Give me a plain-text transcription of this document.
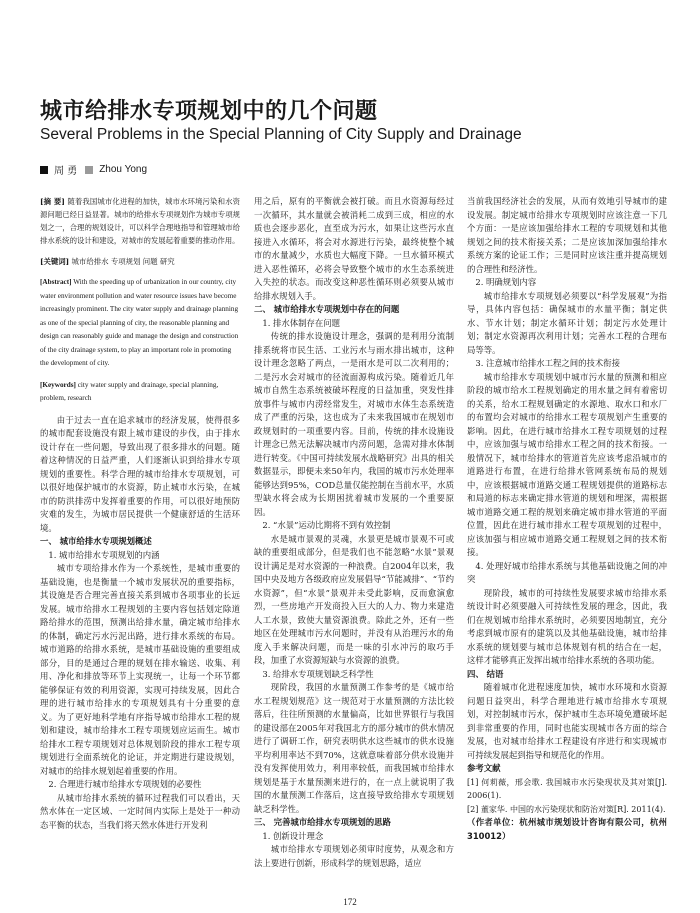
城市给排水专项规划中的几个问题
Several Problems in the Special Planning of City Supply and Drainage
周 勇 Zhou Yong

[摘 要] 随着我国城市化进程的加快，城市水环境污染和水资源问题已经日益显著。城市的给排水专项规划作为城市专项规划之一，合理的规划设计，可以科学合理地指导和管理城市给排水系统的设计和建设，对城市的发展起着重要的推动作用。

[关键词] 城市给排水 专项规划 问题 研究

[Abstract] With the speeding up of urbanization in our country, city water environment pollution and water resource issues have become increasingly prominent. The city water supply and drainage planning as one of the special planning of city, the reasonable planning and design can reasonably guide and manage the design and construction of the city drainage system, to play an important role in promoting the development of city.

[Keywords] city water supply and drainage, special planning, problem, research

由于过去一直在追求城市的经济发展，使得很多的城市配套设施没有跟上城市建设的步伐，由于排水设计存在一些问题，导致出现了很多排水的问题。随着这种情况的日益严重，人们逐渐认识到给排水专项规划的重要性。科学合理的城市给排水专项规划，可以很好地保护城市的水资源，防止城市水污染，在城市的防洪排涝中发挥着重要的作用，可以很好地预防灾难的发生，为城市居民提供一个健康舒适的生活环境。

一、 城市给排水专项规划概述

1. 城市给排水专项规划的内涵

城市专项给排水作为一个系统性，是城市重要的基础设施，也是衡量一个城市发展状况的重要指标，其设施是否合理完善直接关系到城市各项事业的长远发展。城市给排水工程规划的主要内容包括划定除道路给排水的范围，预测出给排水量，确定城市给排水的体制，确定污水污泥出路，进行排水系统的布局。城市道路的给排水系统，是城市基础设施的重要组成部分，目的是通过合理的规划在排水输送、收集、利用、净化和排放等环节上实现统一，让每一个环节都能够保证有效的利用资源，实现可持续发展，因此合理的进行城市给排水的专项规划具有十分重要的意义。为了更好地科学地有序指导城市给排水工程的规划和建设，城市给排水工程专项规划应运而生。城市给排水工程专项规划对总体规划阶段的排水工程专项规划进行全面系统化的论证，并定期进行建设规划，对城市的给排水规划起着重要的作用。

2. 合理进行城市给排水专项规划的必要性

从城市给排水系统的循环过程我们可以看出，天然水体在一定区域、一定时间内实际上是处于一种动态平衡的状态，当我们将天然水体进行开发利

用之后，原有的平衡就会被打破。而且水资源每经过一次循环，其水量就会被消耗二成到三成，相应的水质也会逐步恶化，直至成为污水，如果让这些污水直接进入水循环，将会对水源进行污染，最终使整个城市的水量减少，水质也大幅度下降。一旦水循环模式进入恶性循环，必将会导致整个城市的水生态系统进入失控的状态。而改变这种恶性循环则必须要从城市给排水规划入手。

二、 城市给排水专项规划中存在的问题

1. 排水体制存在问题

传统的排水设施设计理念，强调的是利用分流制排系统将市民生活、工业污水与雨水排出城市，这种设计理念忽略了两点，一是雨水是可以二次利用的；二是污水会对城市的径流面源构成污染。随着近几年城市自然生态系统被破坏程度的日益加重，突发性排放事件与城市内涝经常发生，对城市水体生态系统造成了严重的污染，这也成为了未来我国城市在规划市政规划时的一项重要内容。目前，传统的排水设施设计理念已然无法解决城市内涝问题，急需对排水体制进行转变。《中国可持续发展水战略研究》出具的相关数据显示，即便未来50年内，我国的城市污水处理率能够达到95%，COD总量仅能控制在当前水平，水质型缺水将会成为长期困扰着城市发展的一个重要原因。

2. “水景”运动比期将不到有效控制

水是城市景观的灵魂，水景更是城市景观不可或缺的重要组成部分，但是我们也不能忽略“水景”景观设计满足是对水资源的一种浪费。自2004年以来，我国中央及地方各级政府应发展倡导“节能减排”、“节约水资源”，但“水景”景观并未受此影响，反而愈演愈烈，一些房地产开发商投入巨大的人力、物力来建造人工水景，致使大量资源浪费。除此之外，还有一些地区在处理城市污水问题时，并没有从治理污水的角度入手来解决问题，而是一味的引水冲污的取巧手段，加重了水资源短缺与水资源的浪费。

3. 给排水专项规划缺乏科学性

现阶段，我国的水量预测工作参考的是《城市给水工程规划规范》这一规范对于水量预测的方法比较落后，往往所预测的水量偏高，比如世界银行与我国的建设部在2005年对我国北方的部分城市的供水情况进行了调研工作，研究表明供水这些城市的供水设施平均利用率达不到70%，这就意味着部分供水设施并没有发挥使用效力，利用率较低，而我国城市给排水规划是基于水量预测来进行的，在一点上就说明了我国的水量预测工作落后，这直接导致给排水专项规划缺乏科学性。

三、 完善城市给排水专项规划的思路

1. 创新设计理念

城市给排水专项规划必须审时度势，从观念和方法上要进行创新，形成科学的规划思路，适应

当前我国经济社会的发展，从而有效地引导城市的建设发展。制定城市给排水专项规划时应该注意一下几个方面：一是应该加强给排水工程的专项规划和其他规划之间的技术衔接关系；二是应该加深加强给排水系统方案的论证工作；三是同时应该注重并提高规划的合理性和经济性。

2. 明确规划内容

城市给排水专项规划必须要以“科学发展观”为指导，具体内容包括：确保城市的水量平衡；制定供水、节水计划；制定水循环计划；制定污水处理计划；制定水资源再次利用计划；完善水工程的合理布局等等。

3. 注意城市给排水工程之间的技术衔接

城市给排水专项规划中城市污水量的预测和相应阶段的城市给水工程规划确定的用水量之间有着密切的关系，给水工程规划确定的水源地、取水口和水厂的布置均会对城市的给排水工程专项规划产生重要的影响。因此，在进行城市给排水工程专项规划的过程中，应该加强与城市给排水工程之间的技术衔接。一般情况下，城市给排水的管道首先应该考虑沿城市的道路进行布置，在进行给排水管网系统布局的规划中，应该根据城市道路交通工程规划提供的道路标志和局道的标志来确定排水管道的规划和埋深，需根据城市道路交通工程的规划来确定城市排水管道的平面位置，因此在进行城市排水工程专项规划的过程中，应该加强与相应城市道路交通工程规划之间的技术衔接。

4. 处理好城市给排水系统与其他基础设施之间的冲突

现阶段，城市的可持续性发展要求城市给排水系统设计时必须要融入可持续性发展的理念，因此，我们在规划城市给排水系统时，必须要因地制宜，充分考虑到城市原有的建筑以及其他基础设施，城市给排水系统的规划要与城市总体规划有机的结合在一起，这样才能够真正发挥出城市给排水系统的各项功能。

四、 结语

随着城市化进程速度加快，城市水环境和水资源问题日益突出，科学合理地进行城市给排水专项规划，对控制城市污水，保护城市生态环境免遭破坏起到非常重要的作用，同时也能实现城市各方面的综合发展，也对城市给排水工程建设有序进行和实现城市可持续发展起到指导和规范化的作用。

参考文献

[1] 何莉薇，邢会歌. 我国城市水污染现状及其对策[J]. 2006(1).

[2] 董家华. 中国的水污染现状和防治对策[R]. 2011(4).

（作者单位：杭州城市规划设计咨询有限公司，杭州 310012）

172
